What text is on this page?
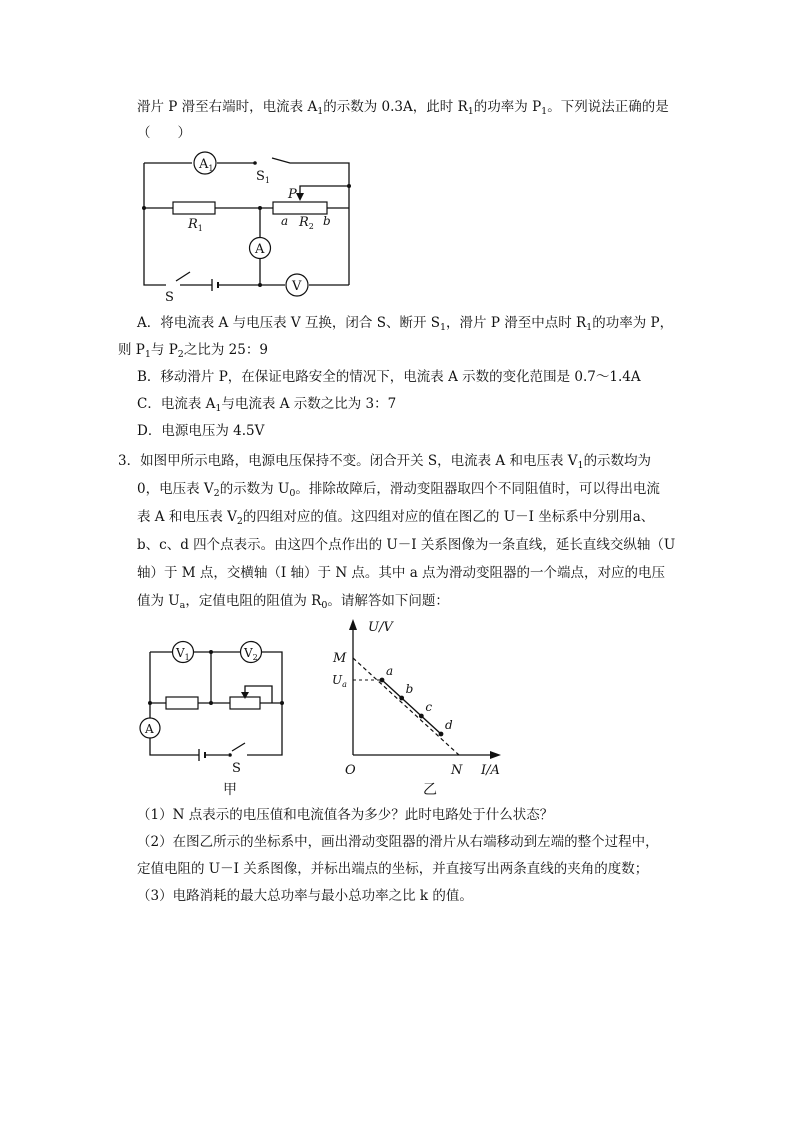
滑片 P 滑至右端时，电流表 $A_1$的示数为 0.3A，此时 $R_1$的功率为 $P_1$。下列说法正确的是
（　　）
$A_1$
A
V
$S_1$
P
$R_1$
a $R_2$ b
S
A．将电流表 A 与电压表 V 互换，闭合 S、断开 $S_1$，滑片 P 滑至中点时 $R_1$的功率为 P，
则 $P_1$与 $P_2$之比为 25：9
B．移动滑片 P，在保证电路安全的情况下，电流表 A 示数的变化范围是 0.7～1.4A
C．电流表 $A_1$与电流表 A 示数之比为 3：7
D．电源电压为 4.5V
3．如图甲所示电路，电源电压保持不变。闭合开关 S，电流表 A 和电压表 $V_1$的示数均为
0，电压表 $V_2$的示数为 $U_0$。排除故障后，滑动变阻器取四个不同阻值时，可以得出电流
表 A 和电压表 $V_2$的四组对应的值。这四组对应的值在图乙的 U－I 坐标系中分别用a、
b、c、d 四个点表示。由这四个点作出的 U－I 关系图像为一条直线，延长直线交纵轴（U
轴）于 M 点，交横轴（I 轴）于 N 点。其中 a 点为滑动变阻器的一个端点，对应的电压
值为 $U_a$，定值电阻的阻值为 $R_0$。请解答如下问题：
$V_1$	$V_2$
A
S
甲
a
b
c
d
U/V
I/A
O
M
$U_a$
N
乙
（1）N 点表示的电压值和电流值各为多少？此时电路处于什么状态？
（2）在图乙所示的坐标系中，画出滑动变阻器的滑片从右端移动到左端的整个过程中，
定值电阻的 U－I 关系图像，并标出端点的坐标，并直接写出两条直线的夹角的度数；
（3）电路消耗的最大总功率与最小总功率之比 k 的值。
